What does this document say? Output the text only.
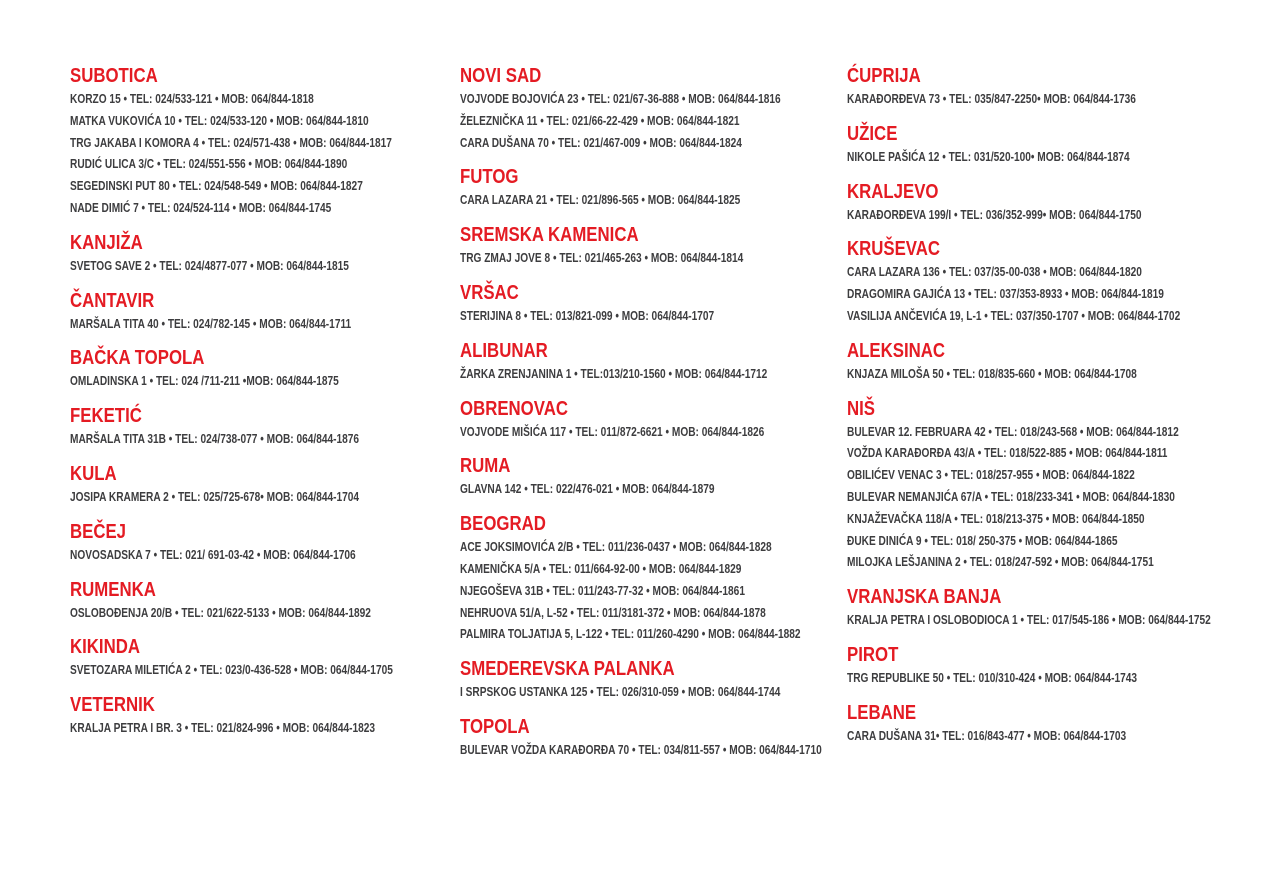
SUBOTICA
KORZO 15 • TEL: 024/533-121 • MOB: 064/844-1818
MATKA VUKOVIĆA 10 • TEL: 024/533-120 • MOB: 064/844-1810
TRG JAKABA I KOMORA 4 • TEL: 024/571-438 • MOB: 064/844-1817
RUDIĆ ULICA 3/C • TEL: 024/551-556 • MOB: 064/844-1890
SEGEDINSKI PUT 80 • TEL: 024/548-549 • MOB: 064/844-1827
NADE DIMIĆ 7 • TEL: 024/524-114 • MOB: 064/844-1745
KANJIŽA
SVETOG SAVE 2 • TEL: 024/4877-077 • MOB: 064/844-1815
ČANTAVIR
MARŠALA TITA 40 • TEL: 024/782-145 • MOB: 064/844-1711
BAČKA TOPOLA
OMLADINSKA 1 • TEL: 024 /711-211 •MOB: 064/844-1875
FEKETIĆ
MARŠALA TITA 31B • TEL: 024/738-077 • MOB: 064/844-1876
KULA
JOSIPA KRAMERA 2 • TEL: 025/725-678• MOB: 064/844-1704
BEČEJ
NOVOSADSKA 7 • TEL: 021/ 691-03-42 • MOB: 064/844-1706
RUMENKA
OSLOBOĐENJA 20/B • TEL: 021/622-5133 • MOB: 064/844-1892
KIKINDA
SVETOZARA MILETIĆA 2 • TEL: 023/0-436-528 • MOB: 064/844-1705
VETERNIK
KRALJA PETRA I BR. 3 • TEL: 021/824-996 • MOB: 064/844-1823
NOVI SAD
VOJVODE BOJOVIĆA 23 • TEL: 021/67-36-888 • MOB: 064/844-1816
ŽELEZNIČKA 11 • TEL: 021/66-22-429 • MOB: 064/844-1821
CARA DUŠANA 70 • TEL: 021/467-009 • MOB: 064/844-1824
FUTOG
CARA LAZARA 21 • TEL: 021/896-565 • MOB: 064/844-1825
SREMSKA KAMENICA
TRG ZMAJ JOVE 8 • TEL: 021/465-263 • MOB: 064/844-1814
VRŠAC
STERIJINA 8 • TEL: 013/821-099 • MOB: 064/844-1707
ALIBUNAR
ŽARKA ZRENJANINA 1 • TEL:013/210-1560 • MOB: 064/844-1712
OBRENOVAC
VOJVODE MIŠIĆA 117 • TEL: 011/872-6621 • MOB: 064/844-1826
RUMA
GLAVNA 142 • TEL: 022/476-021 • MOB: 064/844-1879
BEOGRAD
ACE JOKSIMOVIĆA 2/B • TEL: 011/236-0437 • MOB: 064/844-1828
KAMENIČKA 5/A • TEL: 011/664-92-00 • MOB: 064/844-1829
NJEGOŠEVA 31B • TEL: 011/243-77-32 • MOB: 064/844-1861
NEHRUOVA 51/A, L-52 • TEL: 011/3181-372 • MOB: 064/844-1878
PALMIRA TOLJATIJA 5, L-122 • TEL: 011/260-4290 • MOB: 064/844-1882
SMEDEREVSKA PALANKA
I SRPSKOG USTANKA 125 • TEL: 026/310-059 • MOB: 064/844-1744
TOPOLA
BULEVAR VOŽDA KARAĐORĐA 70 • TEL: 034/811-557 • MOB: 064/844-1710
ĆUPRIJA
KARAĐORĐEVA 73 • TEL: 035/847-2250• MOB: 064/844-1736
UŽICE
NIKOLE PAŠIĆA 12 • TEL: 031/520-100• MOB: 064/844-1874
KRALJEVO
KARAĐORĐEVA 199/I • TEL: 036/352-999• MOB: 064/844-1750
KRUŠEVAC
CARA LAZARA 136 • TEL: 037/35-00-038 • MOB: 064/844-1820
DRAGOMIRA GAJIĆA 13 • TEL: 037/353-8933 • MOB: 064/844-1819
VASILIJA ANČEVIĆA 19, L-1 • TEL: 037/350-1707 • MOB: 064/844-1702
ALEKSINAC
KNJAZA MILOŠA 50 • TEL: 018/835-660 • MOB: 064/844-1708
NIŠ
BULEVAR 12. FEBRUARA 42 • TEL: 018/243-568 • MOB: 064/844-1812
VOŽDA KARAĐORĐA 43/A • TEL: 018/522-885 • MOB: 064/844-1811
OBILIĆEV VENAC 3 • TEL: 018/257-955 • MOB: 064/844-1822
BULEVAR NEMANJIĆA 67/A • TEL: 018/233-341 • MOB: 064/844-1830
KNJAŽEVAČKA 118/A • TEL: 018/213-375 • MOB: 064/844-1850
ĐUKE DINIĆA 9 • TEL: 018/ 250-375 • MOB: 064/844-1865
MILOJKA LEŠJANINA 2 • TEL: 018/247-592 • MOB: 064/844-1751
VRANJSKA BANJA
KRALJA PETRA I OSLOBODIOCA 1 • TEL: 017/545-186 • MOB: 064/844-1752
PIROT
TRG REPUBLIKE 50 • TEL: 010/310-424 • MOB: 064/844-1743
LEBANE
CARA DUŠANA 31• TEL: 016/843-477 • MOB: 064/844-1703
